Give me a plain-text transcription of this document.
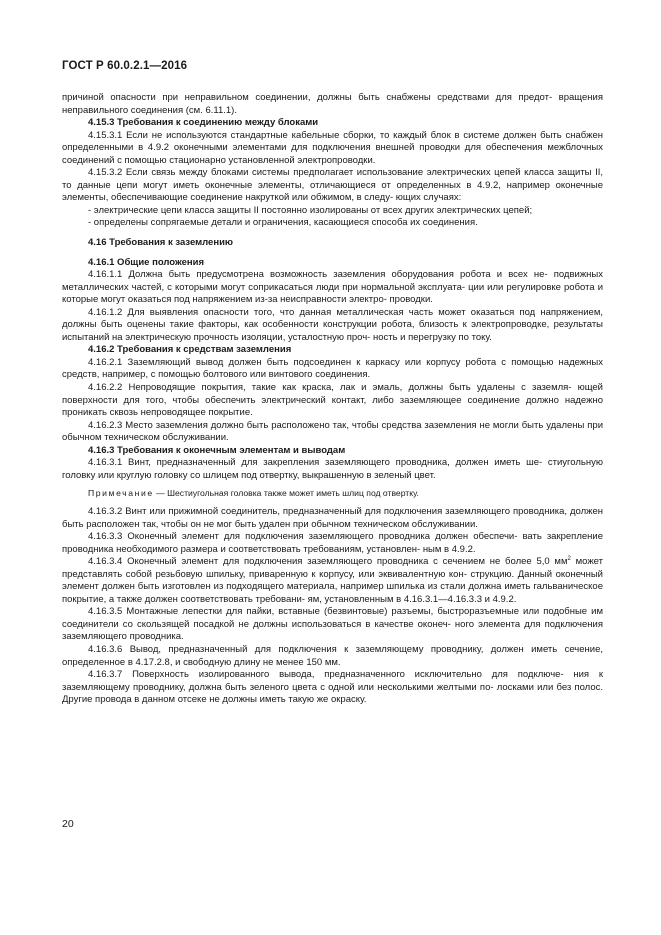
ГОСТ Р 60.0.2.1—2016

причиной опасности при неправильном соединении, должны быть снабжены средствами для предот- вращения неправильного соединения (см. 6.11.1).

4.15.3 Требования к соединению между блоками

4.15.3.1 Если не используются стандартные кабельные сборки, то каждый блок в системе должен быть снабжен определенными в 4.9.2 оконечными элементами для подключения внешней проводки для обеспечения межблочных соединений с помощью стационарно установленной электропроводки.

4.15.3.2 Если связь между блоками системы предполагает использование электрических цепей класса защиты II, то данные цепи могут иметь оконечные элементы, отличающиеся от определенных в 4.9.2, например оконечные элементы, обеспечивающие соединение накруткой или обжимом, в следу- ющих случаях:

- электрические цепи класса защиты II постоянно изолированы от всех других электрических цепей;

- определены сопрягаемые детали и ограничения, касающиеся способа их соединения.

4.16 Требования к заземлению

4.16.1 Общие положения

4.16.1.1 Должна быть предусмотрена возможность заземления оборудования робота и всех не- подвижных металлических частей, с которыми могут соприкасаться люди при нормальной эксплуата- ции или регулировке робота и которые могут оказаться под напряжением из-за неисправности электро- проводки.

4.16.1.2 Для выявления опасности того, что данная металлическая часть может оказаться под напряжением, должны быть оценены такие факторы, как особенности конструкции робота, близость к электропроводке, результаты испытаний на электрическую прочность изоляции, усталостную проч- ность и перегрузку по току.

4.16.2 Требования к средствам заземления

4.16.2.1 Заземляющий вывод должен быть подсоединен к каркасу или корпусу робота с помощью надежных средств, например, с помощью болтового или винтового соединения.

4.16.2.2 Непроводящие покрытия, такие как краска, лак и эмаль, должны быть удалены с заземля- ющей поверхности для того, чтобы обеспечить электрический контакт, либо заземляющее соединение должно надежно проникать сквозь непроводящее покрытие.

4.16.2.3 Место заземления должно быть расположено так, чтобы средства заземления не могли быть удалены при обычном техническом обслуживании.

4.16.3 Требования к оконечным элементам и выводам

4.16.3.1 Винт, предназначенный для закрепления заземляющего проводника, должен иметь ше- стиугольную головку или круглую головку со шлицем под отвертку, выкрашенную в зеленый цвет.

Примечание — Шестиугольная головка также может иметь шлиц под отвертку.

4.16.3.2 Винт или прижимной соединитель, предназначенный для подключения заземляющего проводника, должен быть расположен так, чтобы он не мог быть удален при обычном техническом обслуживании.

4.16.3.3 Оконечный элемент для подключения заземляющего проводника должен обеспечи- вать закрепление проводника необходимого размера и соответствовать требованиям, установлен- ным в 4.9.2.

4.16.3.4 Оконечный элемент для подключения заземляющего проводника с сечением не более 5,0 $мм^2$ может представлять собой резьбовую шпильку, приваренную к корпусу, или эквивалентную кон- струкцию. Данный оконечный элемент должен быть изготовлен из подходящего материала, например шпилька из стали должна иметь гальваническое покрытие, а также должен соответствовать требовани- ям, установленным в 4.16.3.1—4.16.3.3 и 4.9.2.

4.16.3.5 Монтажные лепестки для пайки, вставные (безвинтовые) разъемы, быстроразъемные или подобные им соединители со скользящей посадкой не должны использоваться в качестве оконеч- ного элемента для подключения заземляющего проводника.

4.16.3.6 Вывод, предназначенный для подключения к заземляющему проводнику, должен иметь сечение, определенное в 4.17.2.8, и свободную длину не менее 150 мм.

4.16.3.7 Поверхность изолированного вывода, предназначенного исключительно для подключе- ния к заземляющему проводнику, должна быть зеленого цвета с одной или несколькими желтыми по- лосками или без полос. Другие провода в данном отсеке не должны иметь такую же окраску.

20
